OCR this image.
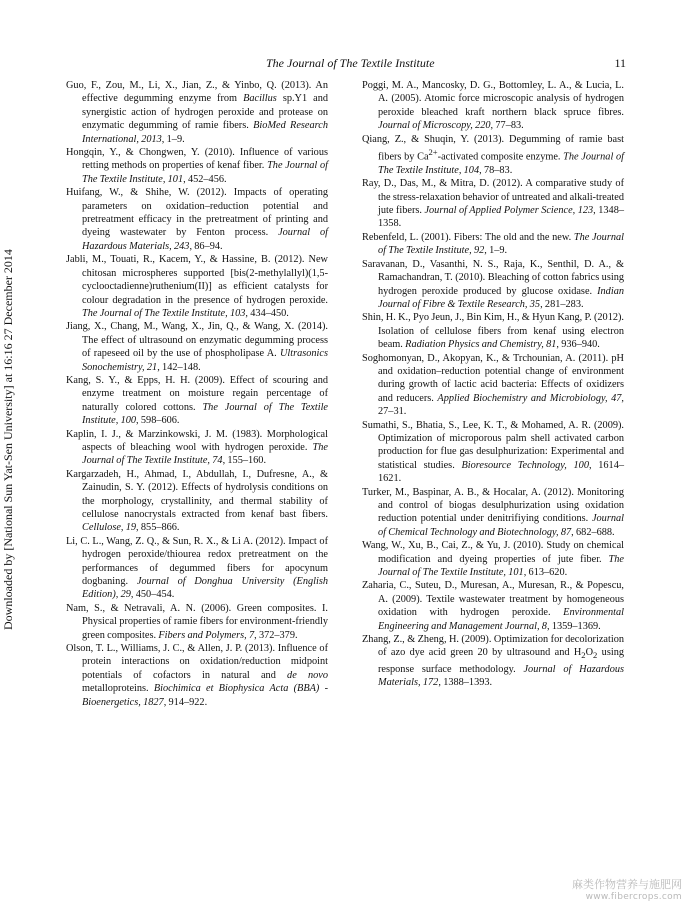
The Journal of The Textile Institute	11
Downloaded by [National Sun Yat-Sen University] at 16:16 27 December 2014

Guo, F., Zou, M., Li, X., Jian, Z., & Yinbo, Q. (2013). An effective degumming enzyme from Bacillus sp.Y1 and synergistic action of hydrogen peroxide and protease on enzymatic degumming of ramie fibers. BioMed Research International, 2013, 1–9.

Hongqin, Y., & Chongwen, Y. (2010). Influence of various retting methods on properties of kenaf fiber. The Journal of The Textile Institute, 101, 452–456.

Huifang, W., & Shihe, W. (2012). Impacts of operating parameters on oxidation–reduction potential and pretreatment efficacy in the pretreatment of printing and dyeing wastewater by Fenton process. Journal of Hazardous Materials, 243, 86–94.

Jabli, M., Touati, R., Kacem, Y., & Hassine, B. (2012). New chitosan microspheres supported [bis(2-methylallyl)(1,5-cyclooctadienne)ruthenium(II)] as efficient catalysts for colour degradation in the presence of hydrogen peroxide. The Journal of The Textile Institute, 103, 434–450.

Jiang, X., Chang, M., Wang, X., Jin, Q., & Wang, X. (2014). The effect of ultrasound on enzymatic degumming process of rapeseed oil by the use of phospholipase A. Ultrasonics Sonochemistry, 21, 142–148.

Kang, S. Y., & Epps, H. H. (2009). Effect of scouring and enzyme treatment on moisture regain percentage of naturally colored cottons. The Journal of The Textile Institute, 100, 598–606.

Kaplin, I. J., & Marzinkowski, J. M. (1983). Morphological aspects of bleaching wool with hydrogen peroxide. The Journal of The Textile Institute, 74, 155–160.

Kargarzadeh, H., Ahmad, I., Abdullah, I., Dufresne, A., & Zainudin, S. Y. (2012). Effects of hydrolysis conditions on the morphology, crystallinity, and thermal stability of cellulose nanocrystals extracted from kenaf bast fibers. Cellulose, 19, 855–866.

Li, C. L., Wang, Z. Q., & Sun, R. X., & Li A. (2012). Impact of hydrogen peroxide/thiourea redox pretreatment on the performances of degummed fibers for apocynum dogbaning. Journal of Donghua University (English Edition), 29, 450–454.

Nam, S., & Netravali, A. N. (2006). Green composites. I. Physical properties of ramie fibers for environment-friendly green composites. Fibers and Polymers, 7, 372–379.

Olson, T. L., Williams, J. C., & Allen, J. P. (2013). Influence of protein interactions on oxidation/reduction midpoint potentials of cofactors in natural and de novo metalloproteins. Biochimica et Biophysica Acta (BBA) - Bioenergetics, 1827, 914–922.

Poggi, M. A., Mancosky, D. G., Bottomley, L. A., & Lucia, L. A. (2005). Atomic force microscopic analysis of hydrogen peroxide bleached kraft northern black spruce fibres. Journal of Microscopy, 220, 77–83.

Qiang, Z., & Shuqin, Y. (2013). Degumming of ramie bast fibers by $Ca^{2+}$-activated composite enzyme. The Journal of The Textile Institute, 104, 78–83.

Ray, D., Das, M., & Mitra, D. (2012). A comparative study of the stress-relaxation behavior of untreated and alkali-treated jute fibers. Journal of Applied Polymer Science, 123, 1348–1358.

Rebenfeld, L. (2001). Fibers: The old and the new. The Journal of The Textile Institute, 92, 1–9.

Saravanan, D., Vasanthi, N. S., Raja, K., Senthil, D. A., & Ramachandran, T. (2010). Bleaching of cotton fabrics using hydrogen peroxide produced by glucose oxidase. Indian Journal of Fibre & Textile Research, 35, 281–283.

Shin, H. K., Pyo Jeun, J., Bin Kim, H., & Hyun Kang, P. (2012). Isolation of cellulose fibers from kenaf using electron beam. Radiation Physics and Chemistry, 81, 936–940.

Soghomonyan, D., Akopyan, K., & Trchounian, A. (2011). pH and oxidation–reduction potential change of environment during growth of lactic acid bacteria: Effects of oxidizers and reducers. Applied Biochemistry and Microbiology, 47, 27–31.

Sumathi, S., Bhatia, S., Lee, K. T., & Mohamed, A. R. (2009). Optimization of microporous palm shell activated carbon production for flue gas desulphurization: Experimental and statistical studies. Bioresource Technology, 100, 1614–1621.

Turker, M., Baspinar, A. B., & Hocalar, A. (2012). Monitoring and control of biogas desulphurization using oxidation reduction potential under denitrifiying conditions. Journal of Chemical Technology and Biotechnology, 87, 682–688.

Wang, W., Xu, B., Cai, Z., & Yu, J. (2010). Study on chemical modification and dyeing properties of jute fiber. The Journal of The Textile Institute, 101, 613–620.

Zaharia, C., Suteu, D., Muresan, A., Muresan, R., & Popescu, A. (2009). Textile wastewater treatment by homogeneous oxidation with hydrogen peroxide. Environmental Engineering and Management Journal, 8, 1359–1369.

Zhang, Z., & Zheng, H. (2009). Optimization for decolorization of azo dye acid green 20 by ultrasound and $H_2O_2$ using response surface methodology. Journal of Hazardous Materials, 172, 1388–1393.

麻类作物营养与施肥网
www.fibercrops.com
